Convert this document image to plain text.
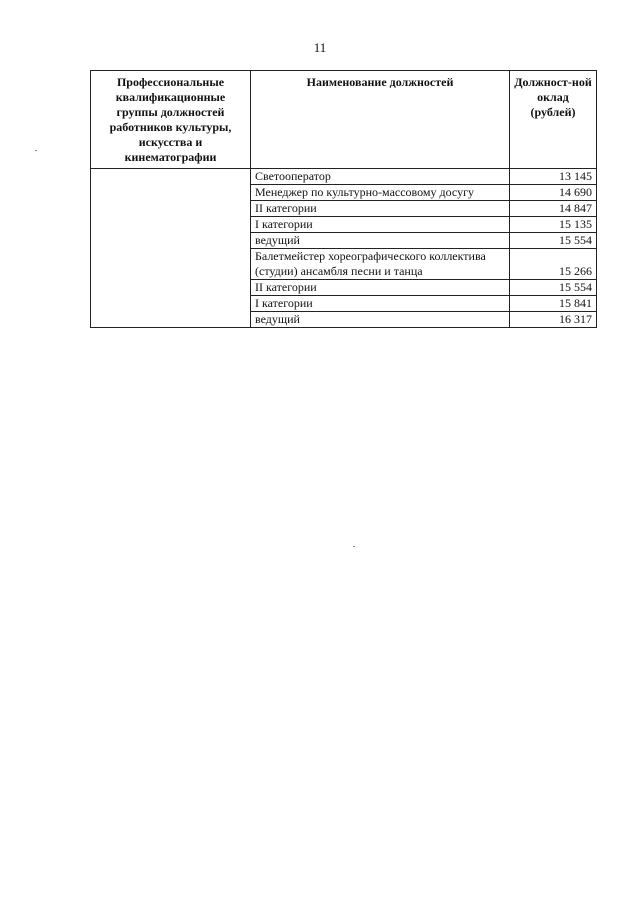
11
Профессиональные квалификационные группы должностей работников культуры, искусства и кинематографии	Наименование должностей	Должност-ной оклад (рублей)
	Светооператор	13 145
	Менеджер по культурно-массовому досугу	14 690
	II категории	14 847
	I категории	15 135
	ведущий	15 554
	Балетмейстер хореографического коллектива (студии) ансамбля песни и танца	15 266
	II категории	15 554
	I категории	15 841
	ведущий	16 317
